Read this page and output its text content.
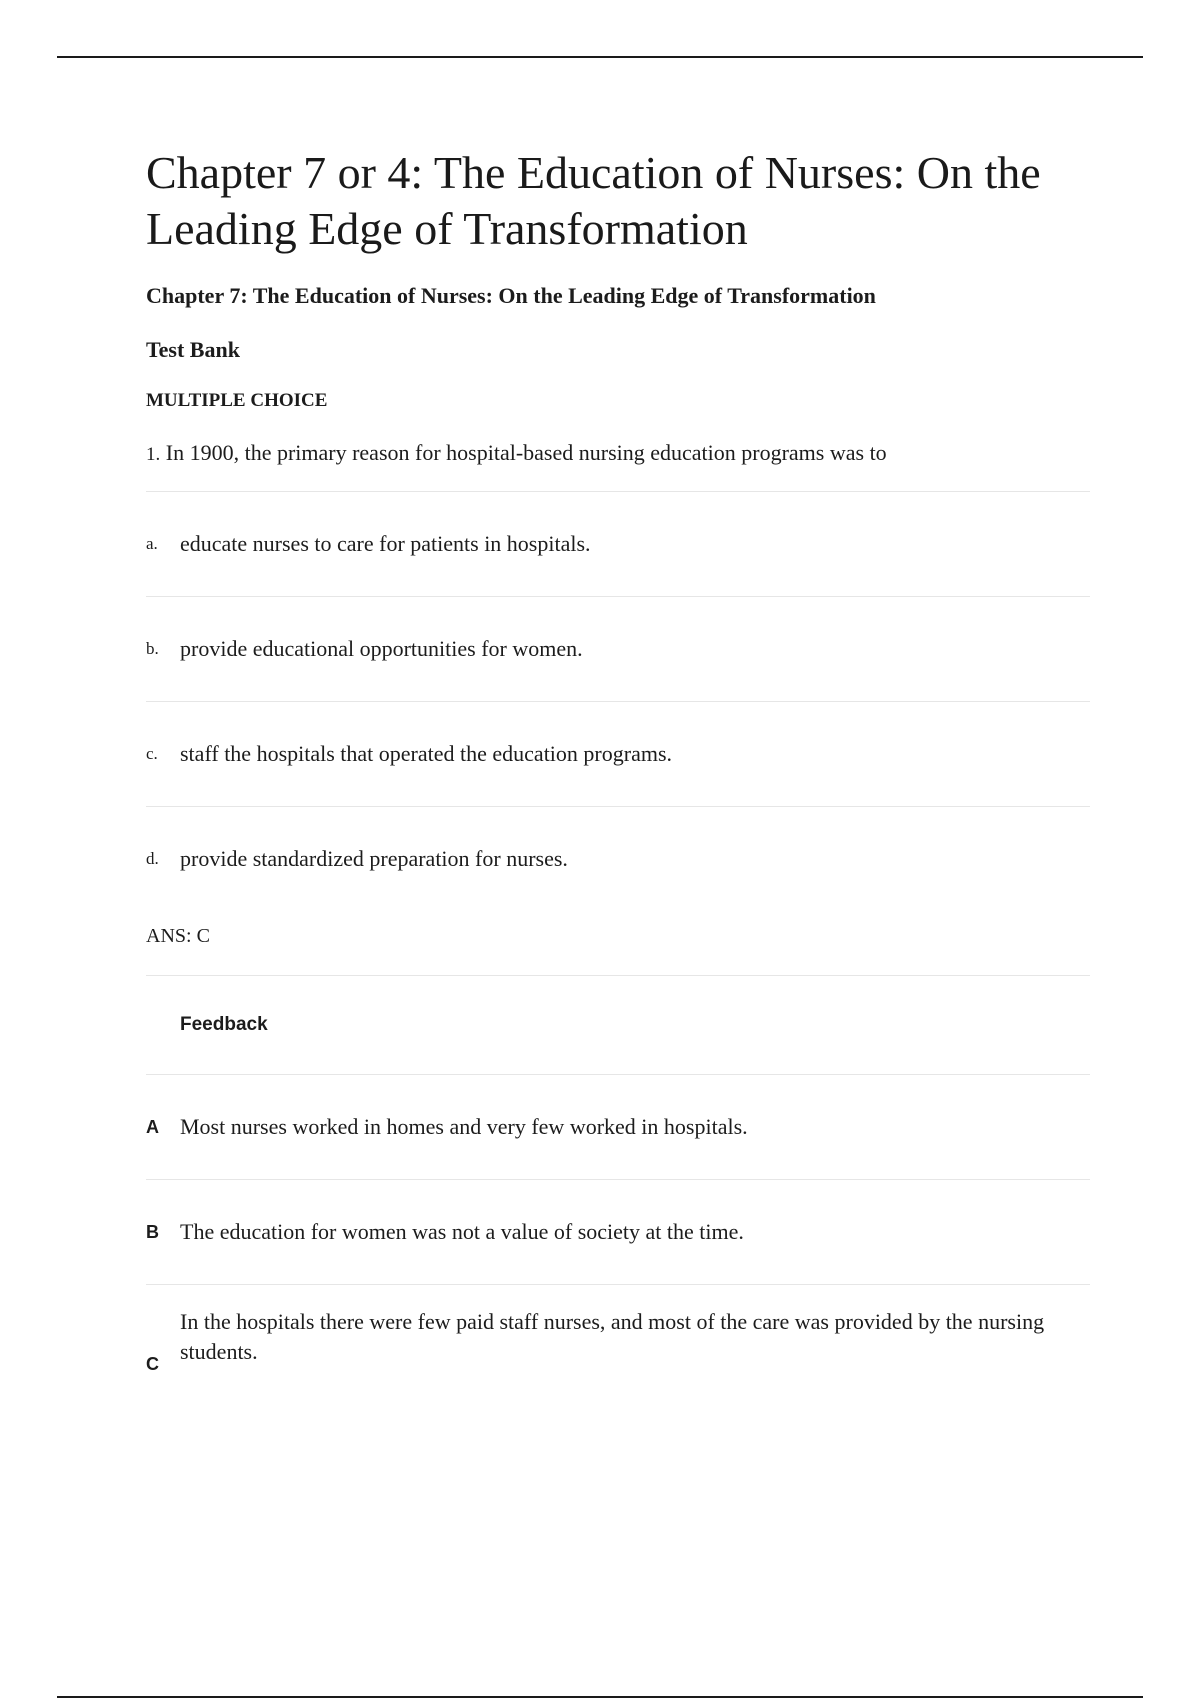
Chapter 7 or 4: The Education of Nurses: On the Leading Edge of Transformation
Chapter 7: The Education of Nurses: On the Leading Edge of Transformation
Test Bank
MULTIPLE CHOICE
1. In 1900, the primary reason for hospital-based nursing education programs was to
a.	educate nurses to care for patients in hospitals.
b. provide educational opportunities for women.
c.	staff the hospitals that operated the education programs.
d. provide standardized preparation for nurses.
ANS: C
Feedback
A Most nurses worked in homes and very few worked in hospitals.
B The education for women was not a value of society at the time.
C
In the hospitals there were few paid staff nurses, and most of the care was provided by the nursing students.
